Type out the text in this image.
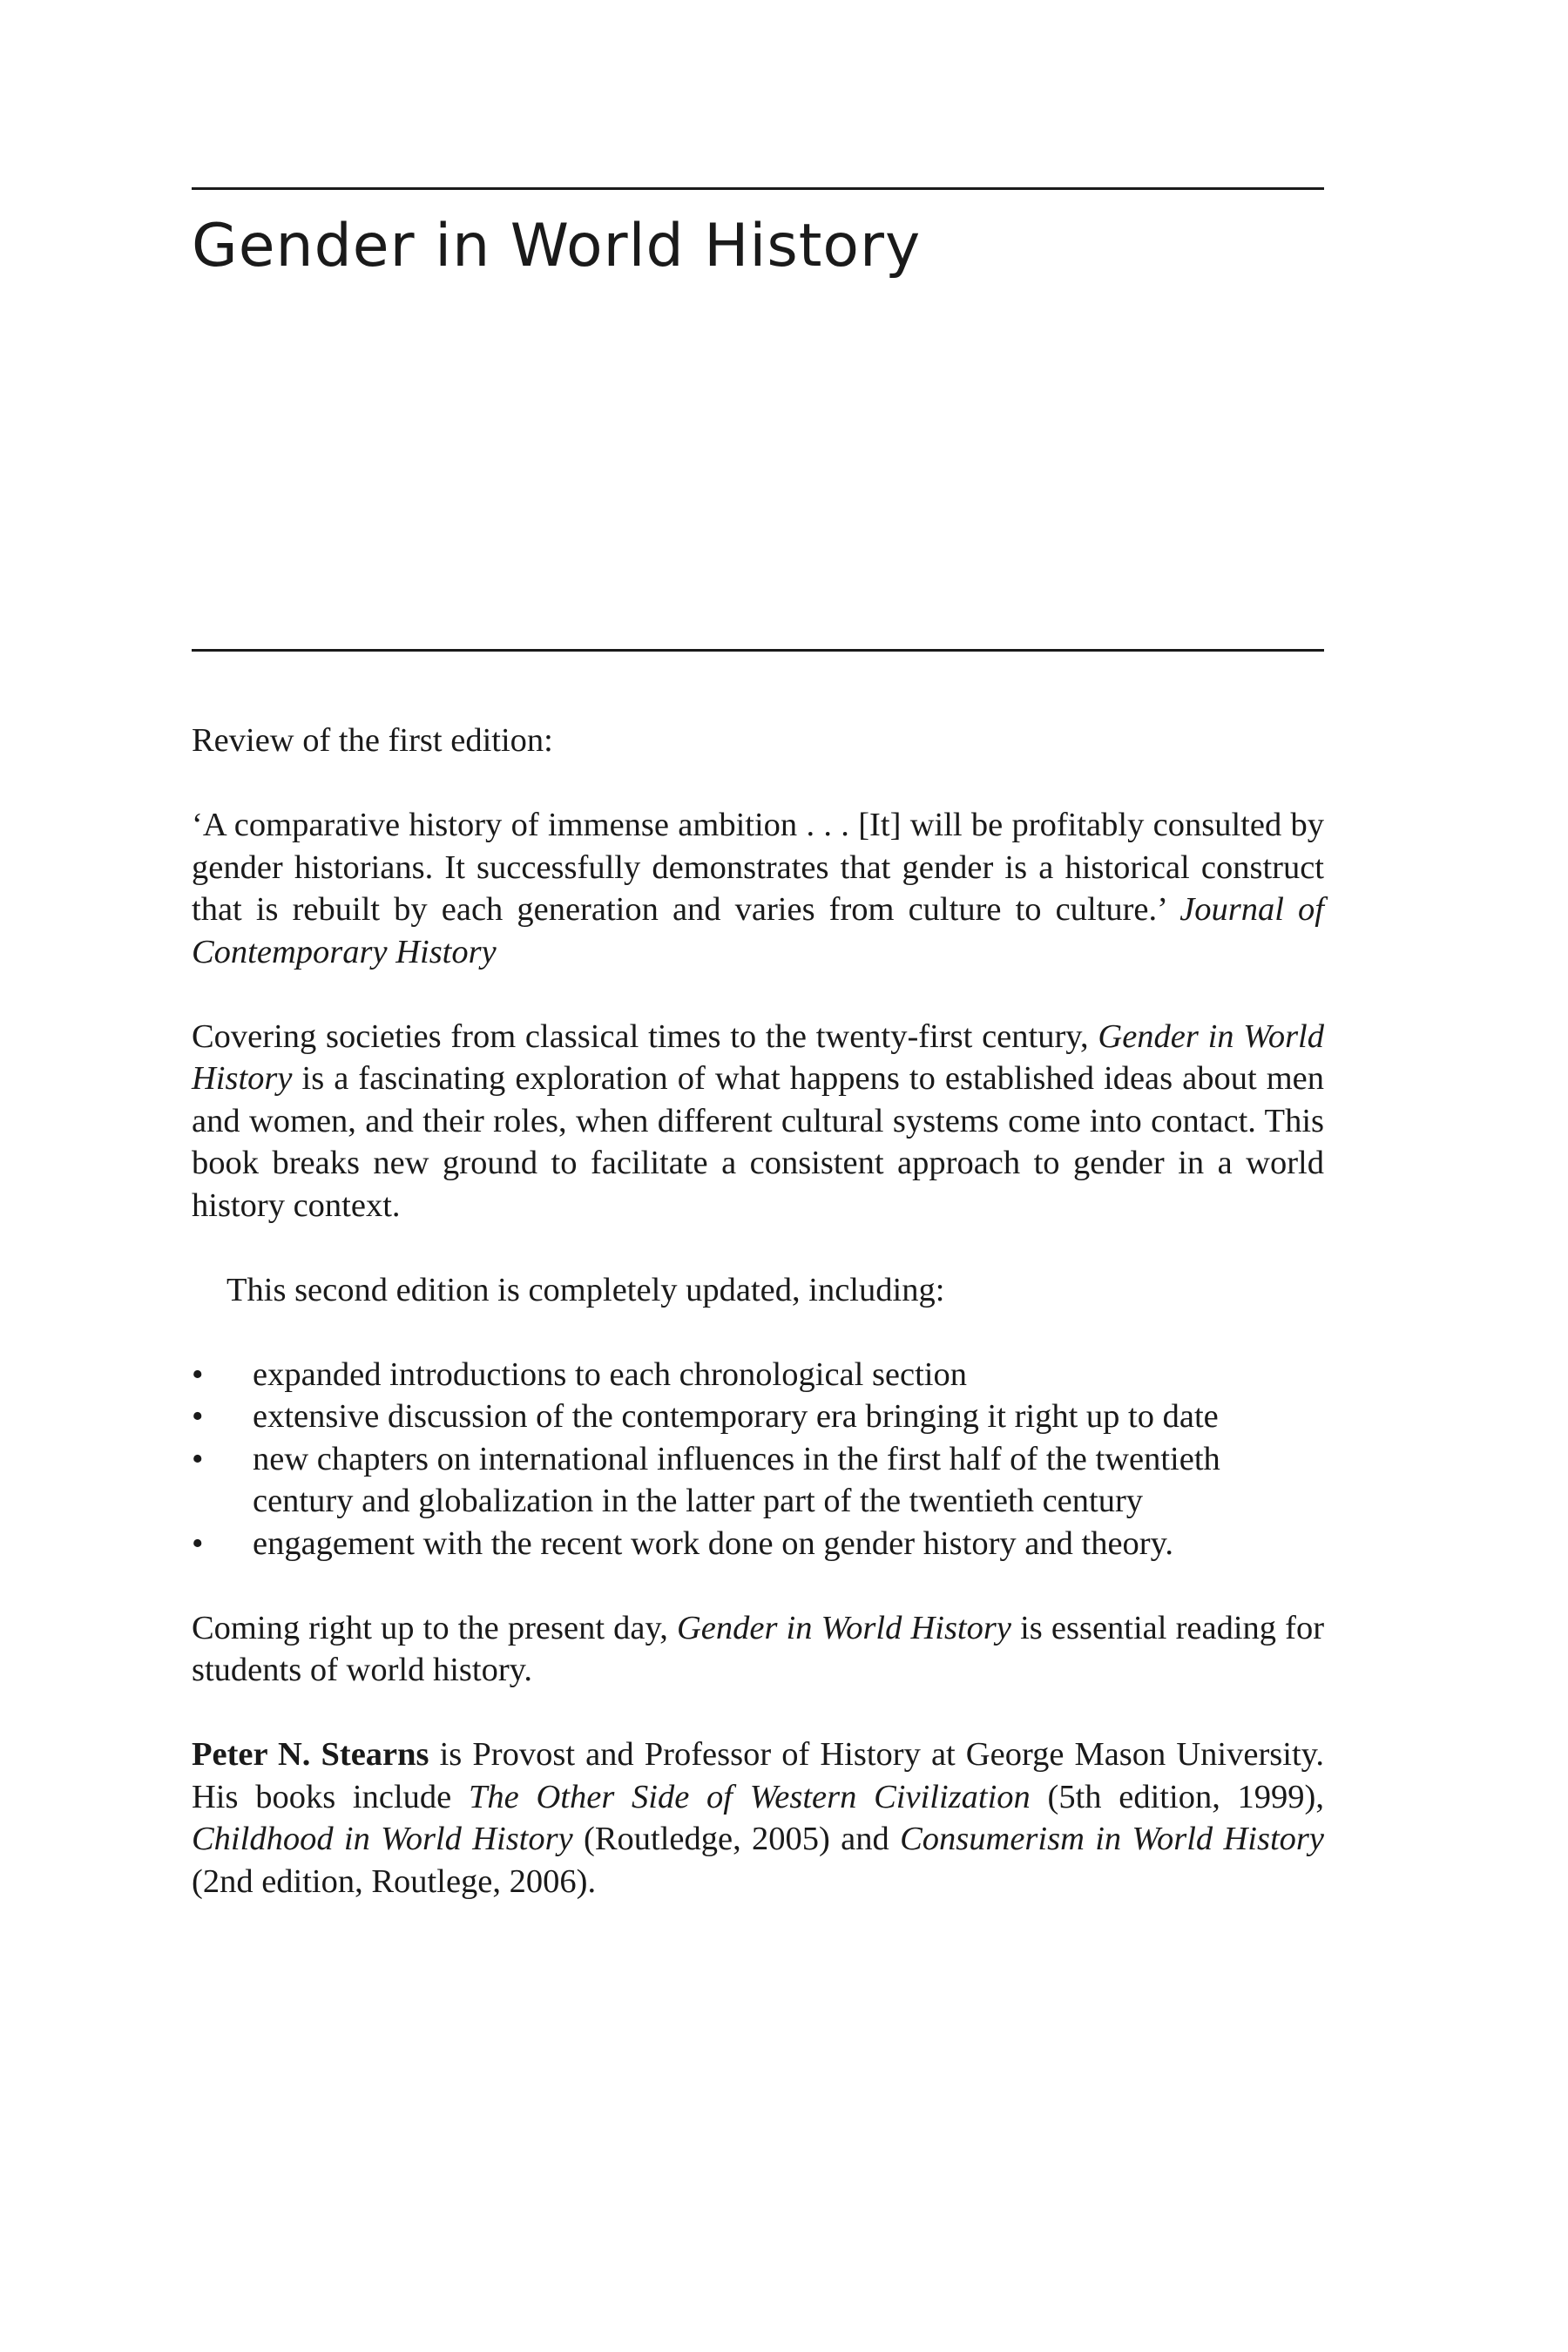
Gender in World History

Review of the first edition:

‘A comparative history of immense ambition . . . [It] will be profitably consulted by gender historians. It successfully demonstrates that gender is a historical construct that is rebuilt by each generation and varies from culture to culture.’ Journal of Contemporary History

Covering societies from classical times to the twenty-first century, Gender in World History is a fascinating exploration of what happens to established ideas about men and women, and their roles, when different cultural systems come into contact. This book breaks new ground to facilitate a consistent approach to gender in a world history context.

This second edition is completely updated, including:

• expanded introductions to each chronological section
• extensive discussion of the contemporary era bringing it right up to date
• new chapters on international influences in the first half of the twentieth century and globalization in the latter part of the twentieth century
• engagement with the recent work done on gender history and theory.

Coming right up to the present day, Gender in World History is essential reading for students of world history.

Peter N. Stearns is Provost and Professor of History at George Mason University. His books include The Other Side of Western Civilization (5th edition, 1999), Childhood in World History (Routledge, 2005) and Consumerism in World History (2nd edition, Routlege, 2006).
